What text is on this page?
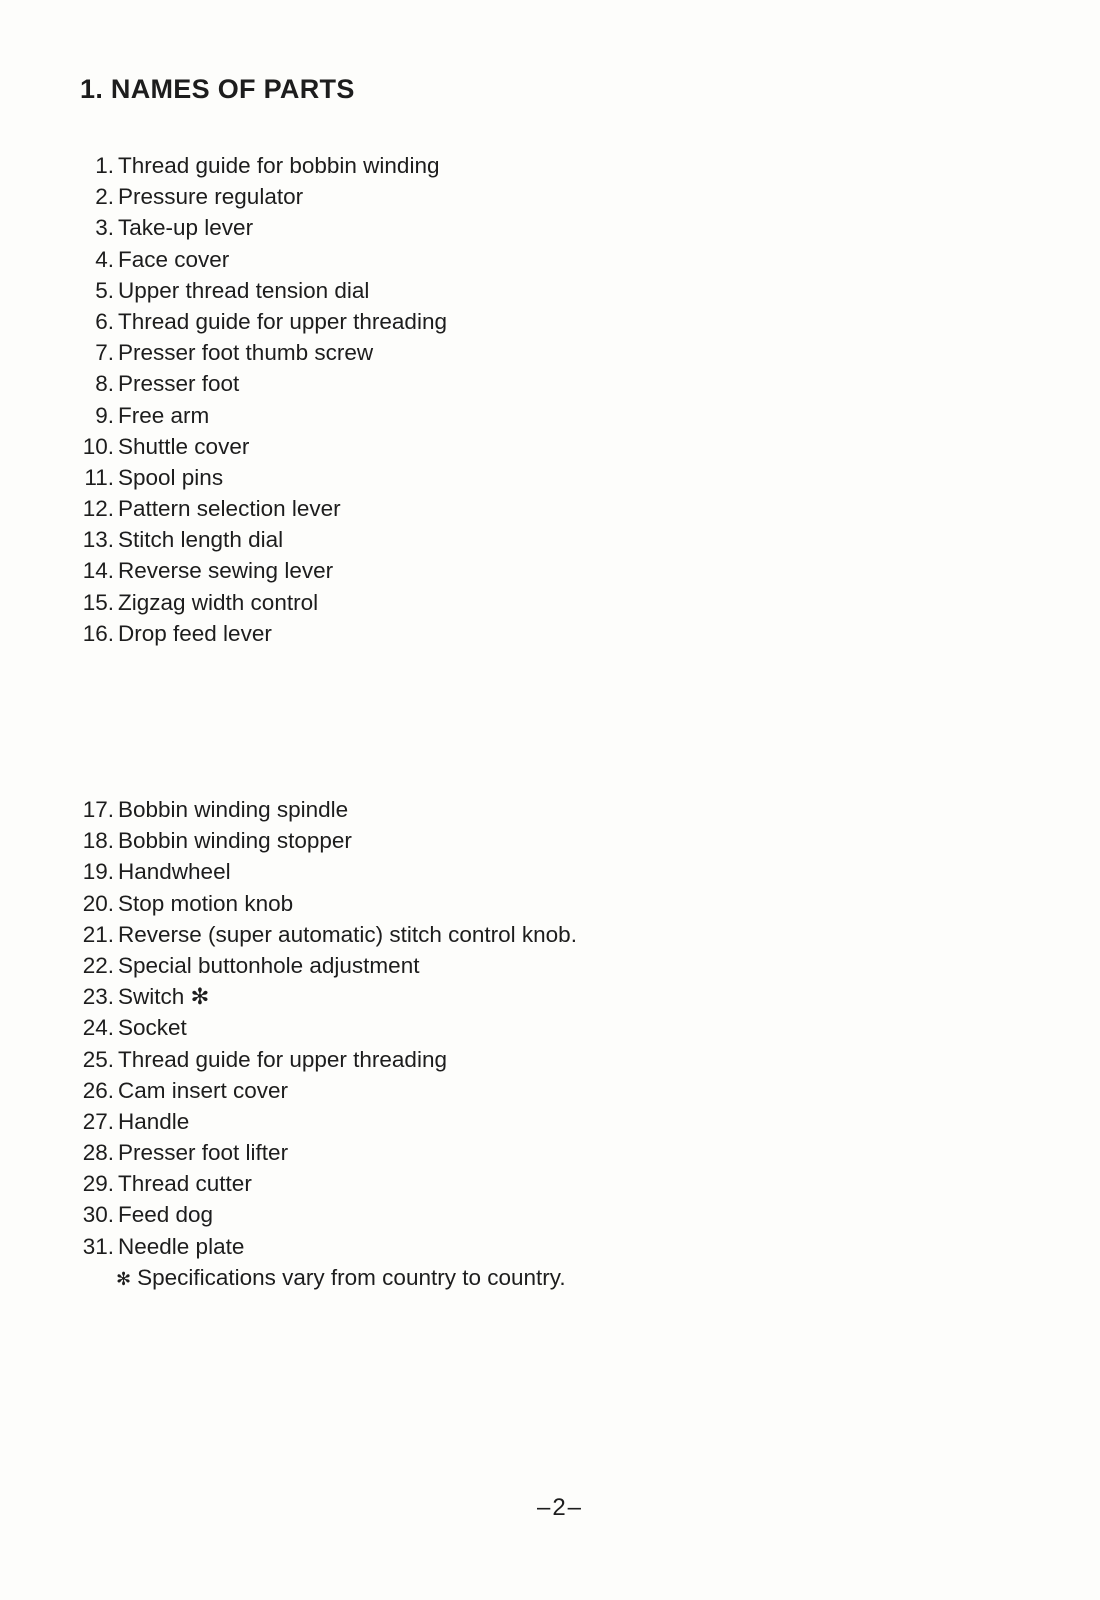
1. NAMES OF PARTS
1. Thread guide for bobbin winding
2. Pressure regulator
3. Take-up lever
4. Face cover
5. Upper thread tension dial
6. Thread guide for upper threading
7. Presser foot thumb screw
8. Presser foot
9. Free arm
10. Shuttle cover
11. Spool pins
12. Pattern selection lever
13. Stitch length dial
14. Reverse sewing lever
15. Zigzag width control
16. Drop feed lever
17. Bobbin winding spindle
18. Bobbin winding stopper
19. Handwheel
20. Stop motion knob
21. Reverse (super automatic) stitch control knob.
22. Special buttonhole adjustment
23. Switch ✻
24. Socket
25. Thread guide for upper threading
26. Cam insert cover
27. Handle
28. Presser foot lifter
29. Thread cutter
30. Feed dog
31. Needle plate
✻ Specifications vary from country to country.
–2–
